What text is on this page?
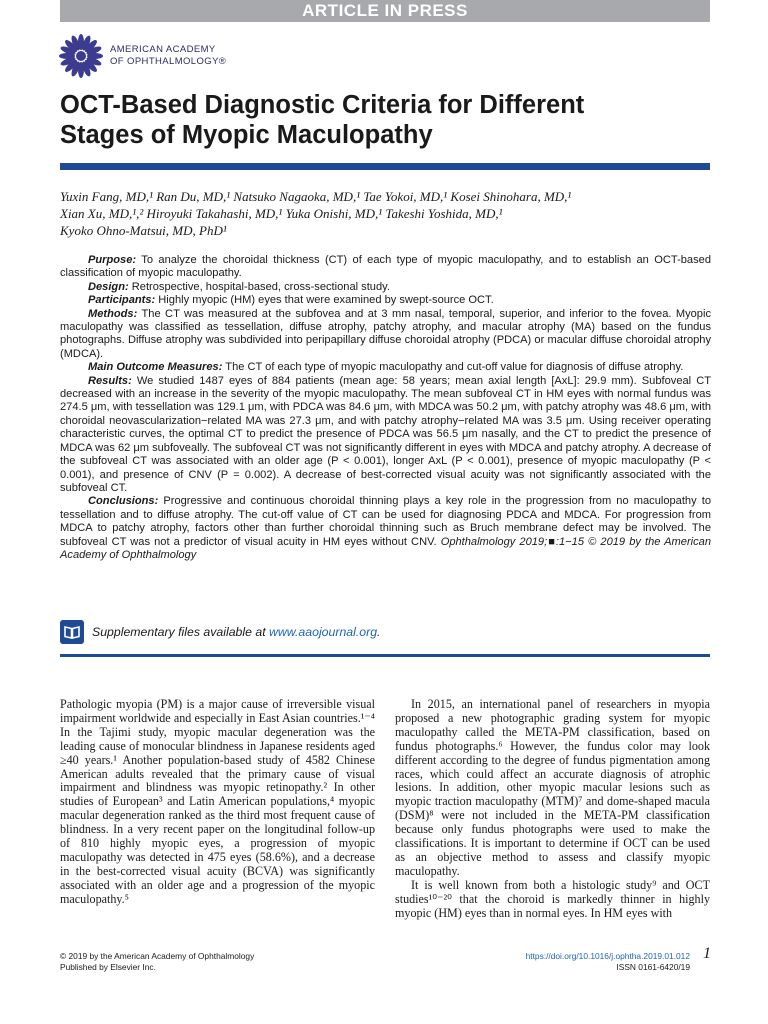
ARTICLE IN PRESS
AMERICAN ACADEMY
OF OPHTHALMOLOGY®
OCT-Based Diagnostic Criteria for Different
Stages of Myopic Maculopathy
Yuxin Fang, MD,¹ Ran Du, MD,¹ Natsuko Nagaoka, MD,¹ Tae Yokoi, MD,¹ Kosei Shinohara, MD,¹
Xian Xu, MD,¹,² Hiroyuki Takahashi, MD,¹ Yuka Onishi, MD,¹ Takeshi Yoshida, MD,¹
Kyoko Ohno-Matsui, MD, PhD¹

Purpose: To analyze the choroidal thickness (CT) of each type of myopic maculopathy, and to establish an OCT-based classification of myopic maculopathy.

Design: Retrospective, hospital-based, cross-sectional study.

Participants: Highly myopic (HM) eyes that were examined by swept-source OCT.

Methods: The CT was measured at the subfovea and at 3 mm nasal, temporal, superior, and inferior to the fovea. Myopic maculopathy was classified as tessellation, diffuse atrophy, patchy atrophy, and macular atrophy (MA) based on the fundus photographs. Diffuse atrophy was subdivided into peripapillary diffuse choroidal atrophy (PDCA) or macular diffuse choroidal atrophy (MDCA).

Main Outcome Measures: The CT of each type of myopic maculopathy and cut-off value for diagnosis of diffuse atrophy.

Results: We studied 1487 eyes of 884 patients (mean age: 58 years; mean axial length [AxL]: 29.9 mm). Subfoveal CT decreased with an increase in the severity of the myopic maculopathy. The mean subfoveal CT in HM eyes with normal fundus was 274.5 μm, with tessellation was 129.1 μm, with PDCA was 84.6 μm, with MDCA was 50.2 μm, with patchy atrophy was 48.6 μm, with choroidal neovascularization−related MA was 27.3 μm, and with patchy atrophy−related MA was 3.5 μm. Using receiver operating characteristic curves, the optimal CT to predict the presence of PDCA was 56.5 μm nasally, and the CT to predict the presence of MDCA was 62 μm subfoveally. The subfoveal CT was not significantly different in eyes with MDCA and patchy atrophy. A decrease of the subfoveal CT was associated with an older age (P < 0.001), longer AxL (P < 0.001), presence of myopic maculopathy (P < 0.001), and presence of CNV (P = 0.002). A decrease of best-corrected visual acuity was not significantly associated with the subfoveal CT.

Conclusions: Progressive and continuous choroidal thinning plays a key role in the progression from no maculopathy to tessellation and to diffuse atrophy. The cut-off value of CT can be used for diagnosing PDCA and MDCA. For progression from MDCA to patchy atrophy, factors other than further choroidal thinning such as Bruch membrane defect may be involved. The subfoveal CT was not a predictor of visual acuity in HM eyes without CNV. Ophthalmology 2019;■:1−15 © 2019 by the American Academy of Ophthalmology

Supplementary files available at www.aaojournal.org.

Pathologic myopia (PM) is a major cause of irreversible visual impairment worldwide and especially in East Asian countries.¹⁻⁴ In the Tajimi study, myopic macular degeneration was the leading cause of monocular blindness in Japanese residents aged ≥40 years.¹ Another population-based study of 4582 Chinese American adults revealed that the primary cause of visual impairment and blindness was myopic retinopathy.² In other studies of European³ and Latin American populations,⁴ myopic macular degeneration ranked as the third most frequent cause of blindness. In a very recent paper on the longitudinal follow-up of 810 highly myopic eyes, a progression of myopic maculopathy was detected in 475 eyes (58.6%), and a decrease in the best-corrected visual acuity (BCVA) was significantly associated with an older age and a progression of the myopic maculopathy.⁵

In 2015, an international panel of researchers in myopia proposed a new photographic grading system for myopic maculopathy called the META-PM classification, based on fundus photographs.⁶ However, the fundus color may look different according to the degree of fundus pigmentation among races, which could affect an accurate diagnosis of atrophic lesions. In addition, other myopic macular lesions such as myopic traction maculopathy (MTM)⁷ and dome-shaped macula (DSM)⁸ were not included in the META-PM classification because only fundus photographs were used to make the classifications. It is important to determine if OCT can be used as an objective method to assess and classify myopic maculopathy.

It is well known from both a histologic study⁹ and OCT studies¹⁰⁻²⁰ that the choroid is markedly thinner in highly myopic (HM) eyes than in normal eyes. In HM eyes with

© 2019 by the American Academy of Ophthalmology
Published by Elsevier Inc.
https://doi.org/10.1016/j.ophtha.2019.01.012
ISSN 0161-6420/19
1
